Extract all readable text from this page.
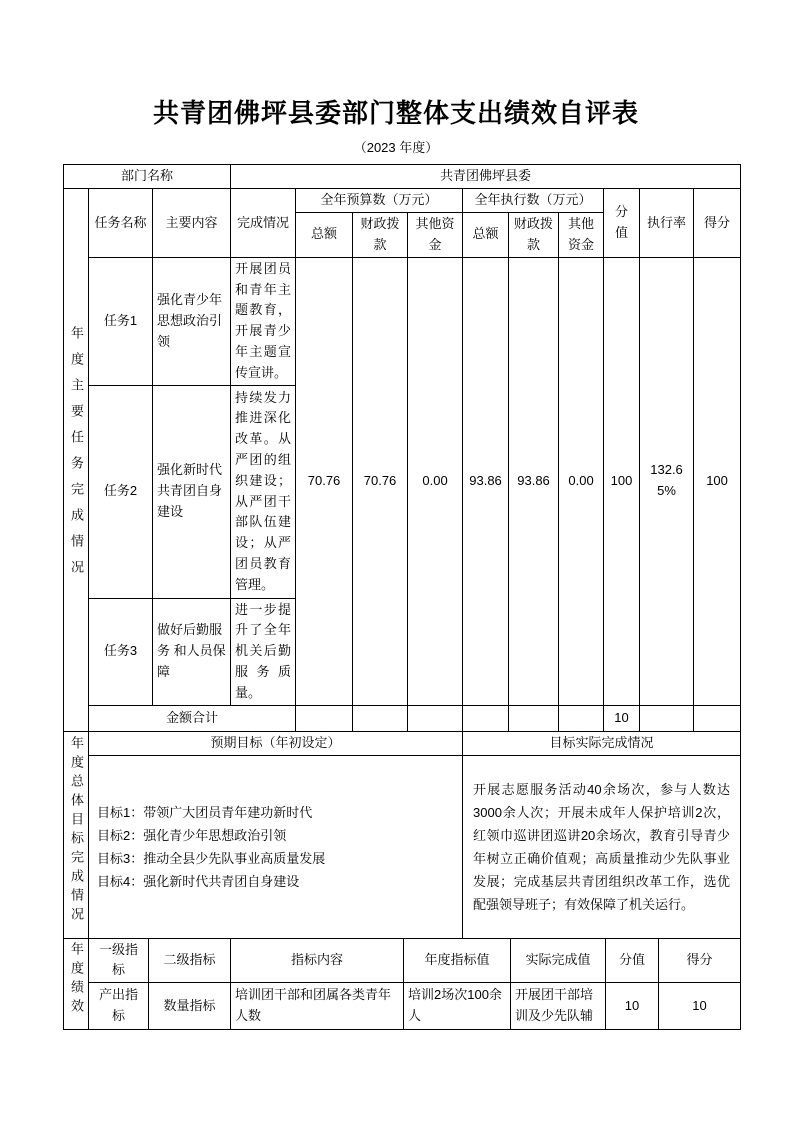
共青团佛坪县委部门整体支出绩效自评表
（2023 年度）
部门名称			共青团佛坪县委									
年度主要任务完成情况	任务名称	主要内容	完成情况	全年预算数（万元）			全年执行数（万元）			分值	执行率	得分
				总额	财政拨款	其他资金	总额	财政拨款	其他资金			
	任务1	强化青少年思想政治引领	开展团员和青年主题教育，开展青少年主题宣传宣讲。	70.76	70.76	0.00	93.86	93.86	0.00	100	132.65%	100
	任务2	强化新时代共青团自身建设	持续发力推进深化改革。从严团的组织建设；从严团干部队伍建设；从严团员教育管理。									
	任务3	做好后勤服务 和人员保障	进一步提升了全年机关后勤服务质量。									
	金额合计									10		
年度总体目标完成情况	预期目标（年初设定）						目标实际完成情况					

	目标1：带领广大团员青年建功新时代
目标2：强化青少年思想政治引领
目标3：推动全县少先队事业高质量发展
目标4：强化新时代共青团自身建设						开展志愿服务活动40余场次，参与人数达3000余人次；开展未成年人保护培训2次，红领巾巡讲团巡讲20余场次，教育引导青少年树立正确价值观；高质量推动少先队事业发展；完成基层共青团组织改革工作，选优配强领导班子；有效保障了机关运行。					
年度绩效	一级指标	二级指标	指标内容	年度指标值	实际完成值	分值	得分
	产出指标	数量指标	培训团干部和团属各类青年人数	培训2场次100余人	开展团干部培训及少先队辅	10	10
